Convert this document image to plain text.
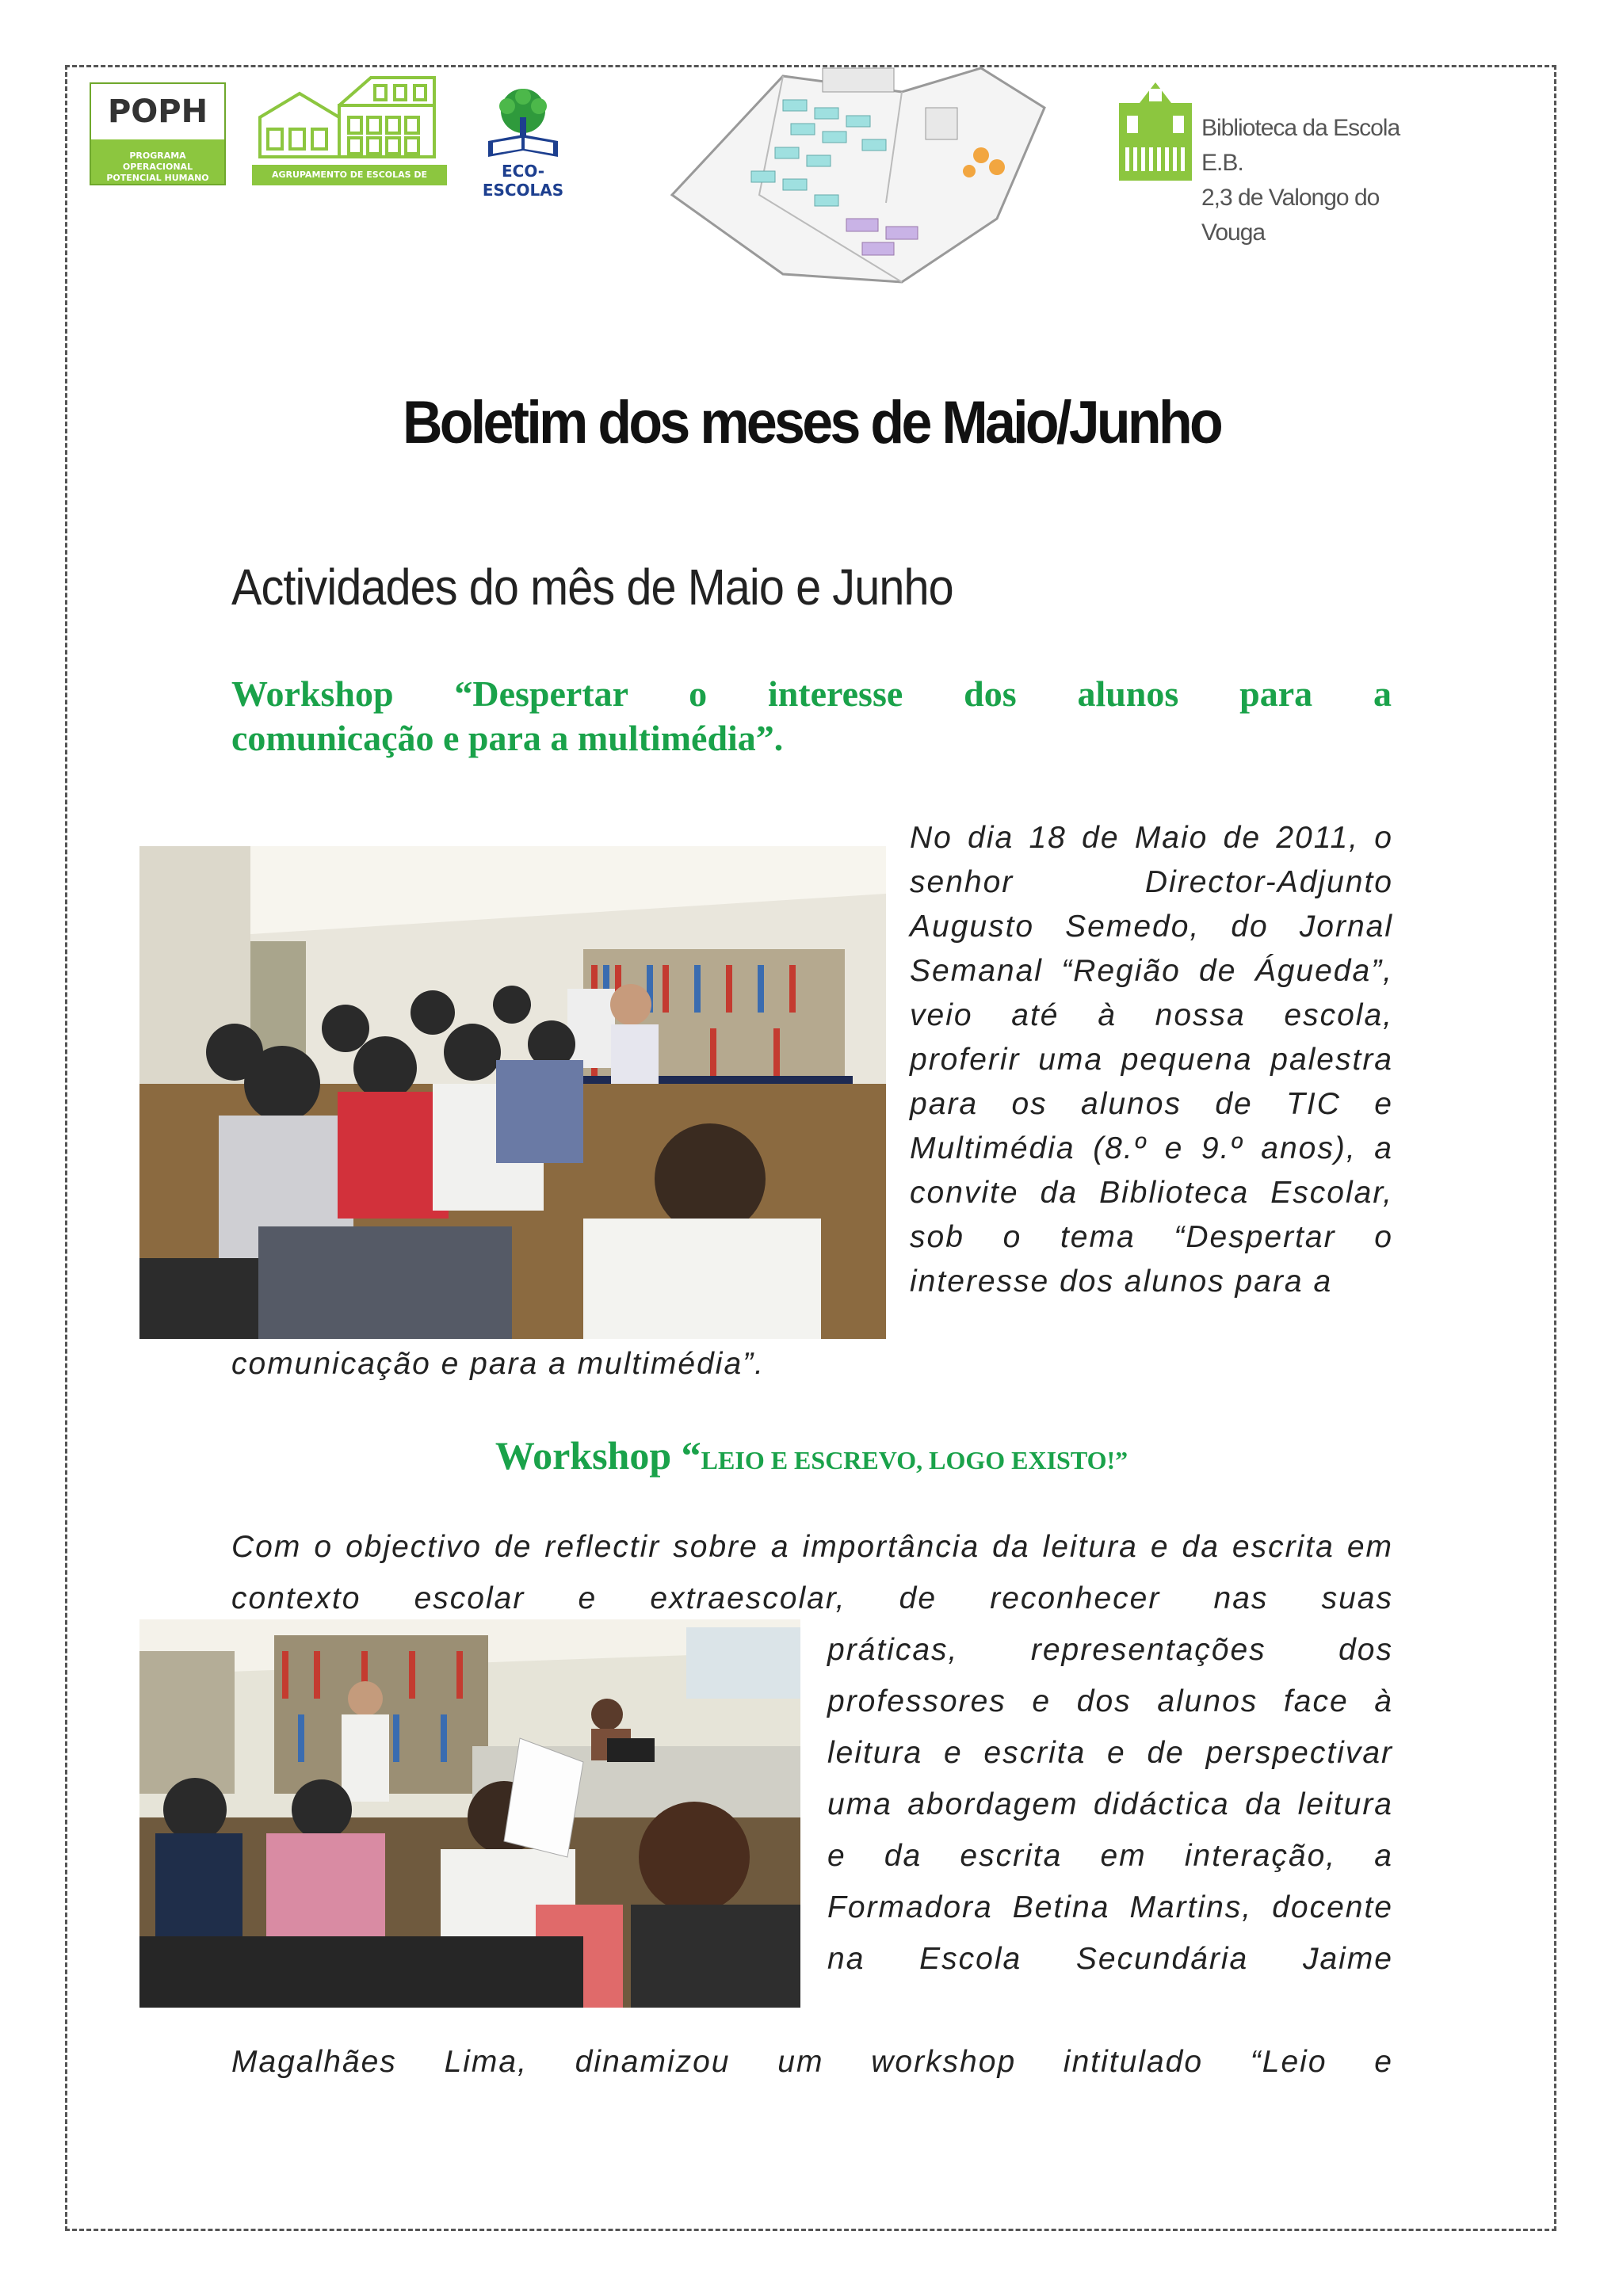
POPH
PROGRAMA OPERACIONAL POTENCIAL HUMANO	AGRUPAMENTO DE ESCOLAS DE VALONGO DO VOUGA
ECO-ESCOLAS
Biblioteca da Escola E.B.
2,3 de Valongo do Vouga
Boletim dos meses de Maio/Junho
Actividades do mês de Maio e Junho
Workshop “Despertar o interesse dos alunos para a
comunicação e para a multimédia”.
No dia 18 de Maio de 2011, o senhor Director-Adjunto Augusto Semedo, do Jornal Semanal “Região de Águeda”, veio até à nossa escola, proferir uma pequena palestra para os alunos de TIC e Multimédia (8.º e 9.º anos), a convite da Biblioteca Escolar, sob o tema “Despertar o interesse dos alunos para a
comunicação e para a multimédia”.
Workshop “LEIO E ESCREVO, LOGO EXISTO!”
Com o objectivo de reflectir sobre a importância da leitura e da escrita em contexto escolar e extraescolar, de reconhecer nas suas
práticas, representações dos professores e dos alunos face à leitura e escrita e de perspectivar uma abordagem didáctica da leitura e da escrita em interação, a Formadora Betina Martins, docente na Escola Secundária Jaime
Magalhães Lima, dinamizou um workshop intitulado “Leio e
